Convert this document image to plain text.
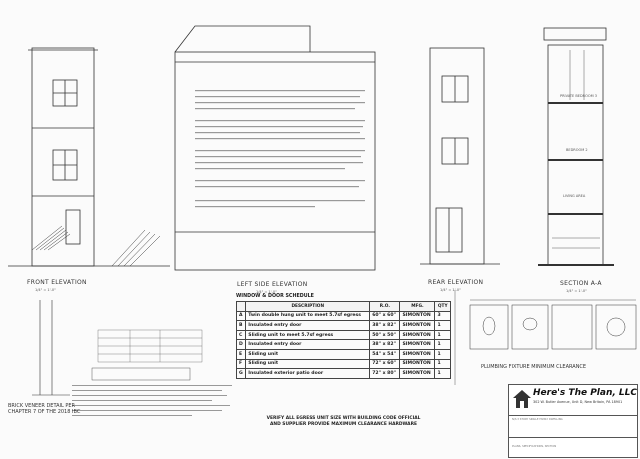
FRONT ELEVATION
1/4" = 1'-0"
LEFT SIDE ELEVATION
1/4" = 1'-0"
REAR ELEVATION
1/4" = 1'-0"
SECTION A-A
1/4" = 1'-0"
PRIVATE BEDROOM 3
BEDROOM 2
LIVING AREA
BRICK VENEER DETAIL PER
CHAPTER 7 OF THE 2018 IBC
PLUMBING FIXTURE MINIMUM CLEARANCE
WINDOW & DOOR SCHEDULE
	DESCRIPTION	R.O.	MFG.	QTY
A	Twin double hung unit to meet 5.7sf egress	60" x 60"	SIMONTON	3
B	Insulated entry door	38" x 82"	SIMONTON	1
C	Sliding unit to meet 5.7sf egress	50" x 50"	SIMONTON	1
D	Insulated entry door	38" x 82"	SIMONTON	1
E	Sliding unit	54" x 54"	SIMONTON	1
F	Sliding unit	72" x 60"	SIMONTON	1
G	Insulated exterior patio door	72" x 80"	SIMONTON	1
VERIFY ALL EGRESS UNIT SIZE WITH BUILDING CODE OFFICIAL
AND SUPPLIER PROVIDE MAXIMUM CLEARANCE HARDWARE
Here's The Plan, LLC
302 W. Butler Avenue, Unit D, New Britain, PA 18901
N/S 3 STORY SINGLE FAMILY DWELLING
PLANS, SPECIFICATIONS, SECTION
